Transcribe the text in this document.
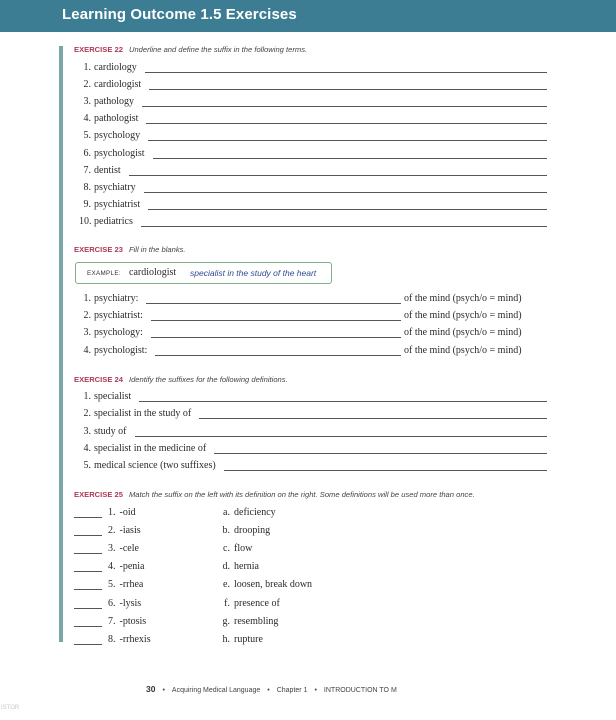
Learning Outcome 1.5 Exercises
EXERCISE 22 Underline and define the suffix in the following terms.
1. cardiology
2. cardiologist
3. pathology
4. pathologist
5. psychology
6. psychologist
7. dentist
8. psychiatry
9. psychiatrist
10. pediatrics
EXERCISE 23 Fill in the blanks.
EXAMPLE: cardiologist specialist in the study of the heart
1. psychiatry:	of the mind (psych/o = mind)
2. psychiatrist:	of the mind (psych/o = mind)
3. psychology:	of the mind (psych/o = mind)
4. psychologist:	of the mind (psych/o = mind)
EXERCISE 24 Identify the suffixes for the following definitions.
1. specialist
2. specialist in the study of
3. study of
4. specialist in the medicine of
5. medical science (two suffixes)
EXERCISE 25 Match the suffix on the left with its definition on the right. Some definitions will be used more than once.
1. -oid	a. deficiency
2. -iasis	b. drooping
3. -cele	c. flow
4. -penia	d. hernia
5. -rrhea	e. loosen, break down
6. -lysis	f. presence of
7. -ptosis	g. resembling
8. -rrhexis	h. rupture
30 • Acquiring Medical Language • Chapter 1 • INTRODUCTION TO M
ISTOR
